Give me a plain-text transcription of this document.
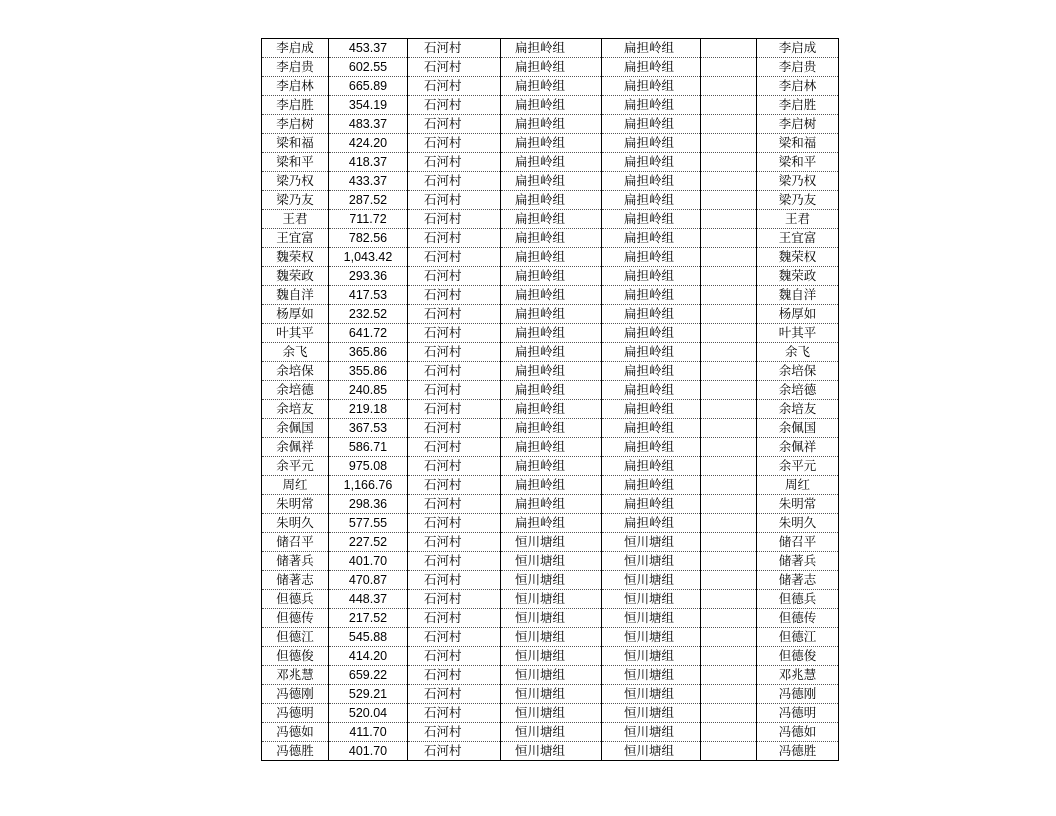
李启成	453.37	石河村	扁担岭组	扁担岭组		李启成
李启贵	602.55	石河村	扁担岭组	扁担岭组		李启贵
李启林	665.89	石河村	扁担岭组	扁担岭组		李启林
李启胜	354.19	石河村	扁担岭组	扁担岭组		李启胜
李启树	483.37	石河村	扁担岭组	扁担岭组		李启树
梁和福	424.20	石河村	扁担岭组	扁担岭组		梁和福
梁和平	418.37	石河村	扁担岭组	扁担岭组		梁和平
梁乃权	433.37	石河村	扁担岭组	扁担岭组		梁乃权
梁乃友	287.52	石河村	扁担岭组	扁担岭组		梁乃友
王君	711.72	石河村	扁担岭组	扁担岭组		王君
王宜富	782.56	石河村	扁担岭组	扁担岭组		王宜富
魏荣权	1,043.42	石河村	扁担岭组	扁担岭组		魏荣权
魏荣政	293.36	石河村	扁担岭组	扁担岭组		魏荣政
魏自洋	417.53	石河村	扁担岭组	扁担岭组		魏自洋
杨厚如	232.52	石河村	扁担岭组	扁担岭组		杨厚如
叶其平	641.72	石河村	扁担岭组	扁担岭组		叶其平
余飞	365.86	石河村	扁担岭组	扁担岭组		余飞
余培保	355.86	石河村	扁担岭组	扁担岭组		余培保
余培德	240.85	石河村	扁担岭组	扁担岭组		余培德
余培友	219.18	石河村	扁担岭组	扁担岭组		余培友
余佩国	367.53	石河村	扁担岭组	扁担岭组		余佩国
余佩祥	586.71	石河村	扁担岭组	扁担岭组		余佩祥
余平元	975.08	石河村	扁担岭组	扁担岭组		余平元
周红	1,166.76	石河村	扁担岭组	扁担岭组		周红
朱明常	298.36	石河村	扁担岭组	扁担岭组		朱明常
朱明久	577.55	石河村	扁担岭组	扁担岭组		朱明久
储召平	227.52	石河村	恒川塘组	恒川塘组		储召平
储著兵	401.70	石河村	恒川塘组	恒川塘组		储著兵
储著志	470.87	石河村	恒川塘组	恒川塘组		储著志
但德兵	448.37	石河村	恒川塘组	恒川塘组		但德兵
但德传	217.52	石河村	恒川塘组	恒川塘组		但德传
但德江	545.88	石河村	恒川塘组	恒川塘组		但德江
但德俊	414.20	石河村	恒川塘组	恒川塘组		但德俊
邓兆慧	659.22	石河村	恒川塘组	恒川塘组		邓兆慧
冯德刚	529.21	石河村	恒川塘组	恒川塘组		冯德刚
冯德明	520.04	石河村	恒川塘组	恒川塘组		冯德明
冯德如	411.70	石河村	恒川塘组	恒川塘组		冯德如
冯德胜	401.70	石河村	恒川塘组	恒川塘组		冯德胜
